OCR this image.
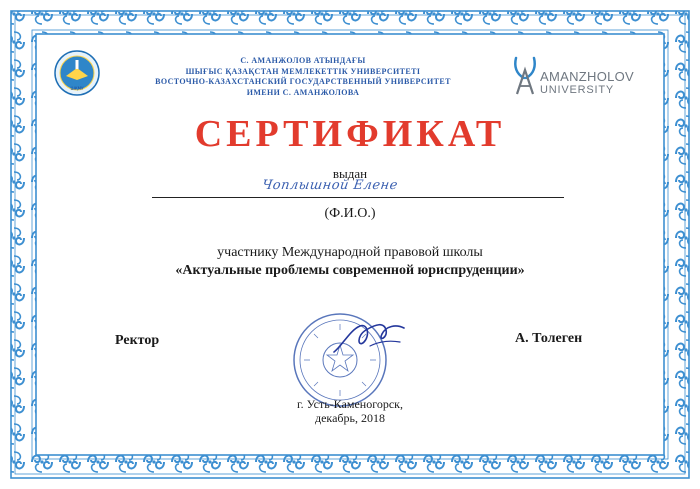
ШҚМУ
С. АМАНЖОЛОВ АТЫНДАҒЫ
ШЫҒЫС ҚАЗАҚСТАН МЕМЛЕКЕТТІК УНИВЕРСИТЕТІ
ВОСТОЧНО-КАЗАХСТАНСКИЙ ГОСУДАРСТВЕННЫЙ УНИВЕРСИТЕТ
ИМЕНИ С. АМАНЖОЛОВА
AMANZHOLOV
UNIVERSITY
СЕРТИФИКАТ
выдан
Чоплышной Елене
(Ф.И.О.)
участнику Международной правовой школы
«Актуальные проблемы современной юриспруденции»
Ректор	А. Толеген
г. Усть-Каменогорск,
декабрь, 2018
